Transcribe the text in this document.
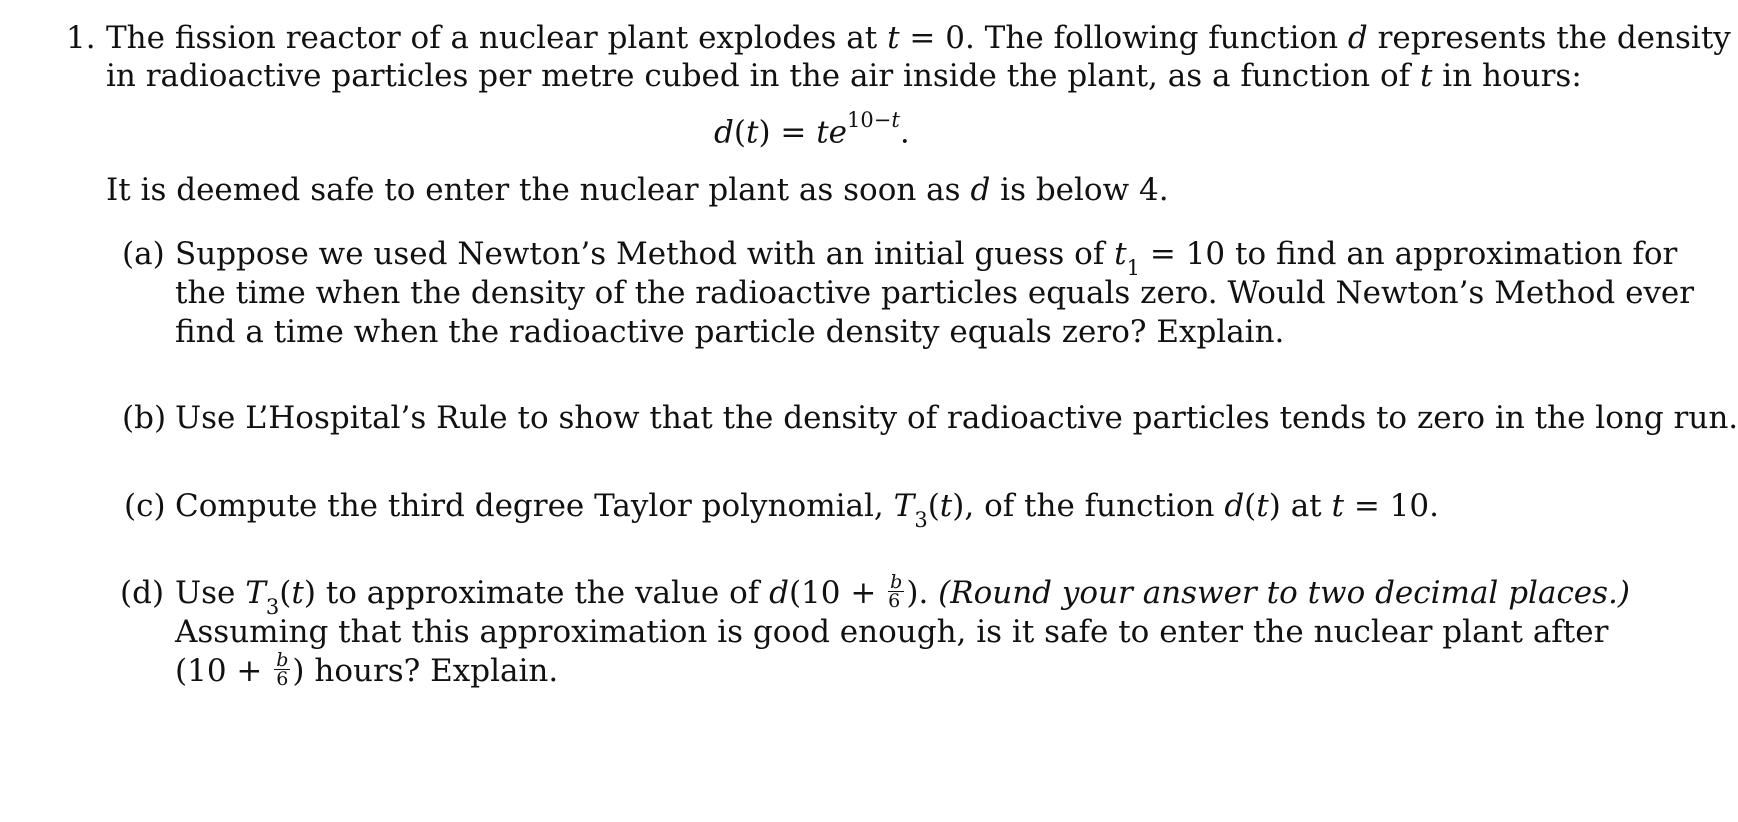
1. The fission reactor of a nuclear plant explodes at t = 0. The following function d represents the density
in radioactive particles per metre cubed in the air inside the plant, as a function of t in hours:
$d(t) = te^{10-t}$.
It is deemed safe to enter the nuclear plant as soon as d is below 4.
(a) Suppose we used Newton’s Method with an initial guess of $t_1 = 10$ to find an approximation for
the time when the density of the radioactive particles equals zero. Would Newton’s Method ever
find a time when the radioactive particle density equals zero? Explain.
(b) Use L’Hospital’s Rule to show that the density of radioactive particles tends to zero in the long run.
(c) Compute the third degree Taylor polynomial, $T_3(t)$, of the function d(t) at t = 10.
(d) Use $T_3(t)$ to approximate the value of $d(10 + \frac{b}{6}$ ). (Round your answer to two decimal places.)
Assuming that this approximation is good enough, is it safe to enter the nuclear plant after
($10 + \frac{b}{6}$ ) hours? Explain.
